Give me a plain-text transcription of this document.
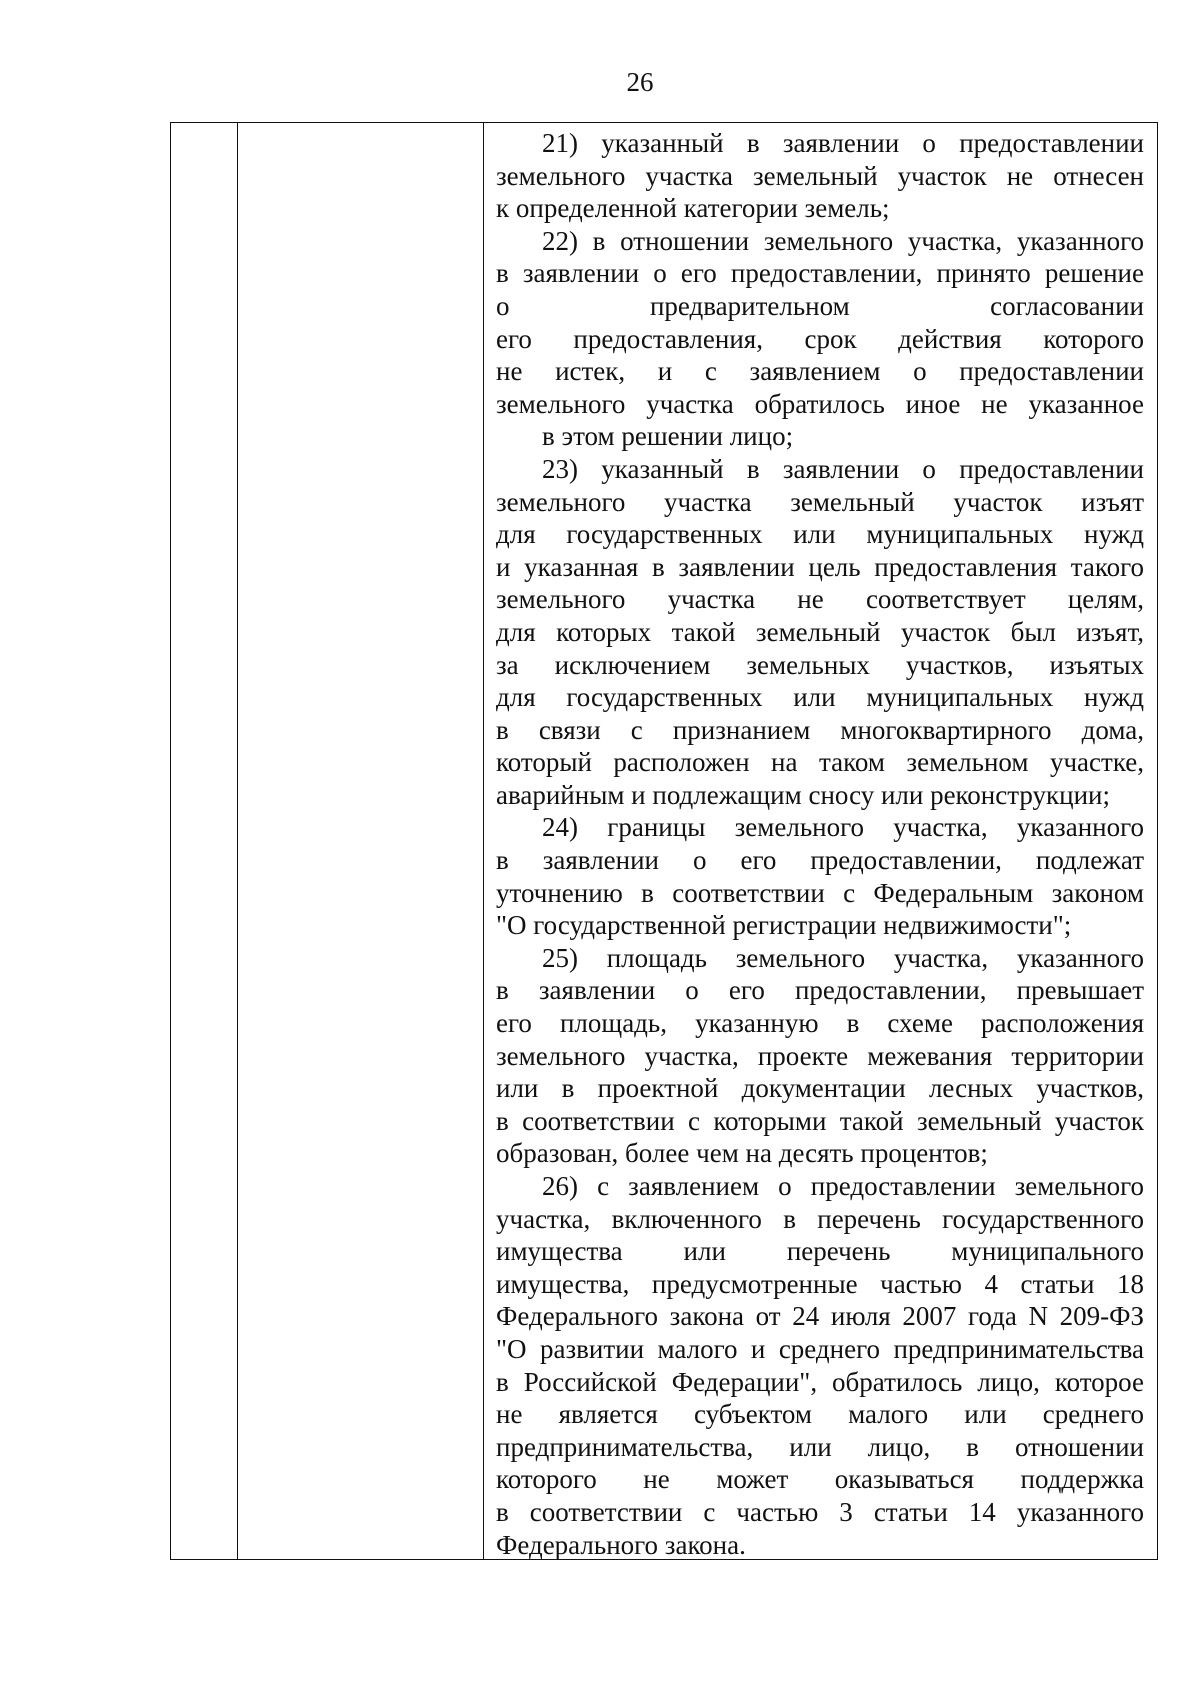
26
21) указанный в заявлении о предоставлении
земельного участка земельный участок не отнесен
к определенной категории земель;
22) в отношении земельного участка, указанного
в заявлении о его предоставлении, принято решение
о предварительном согласовании
его предоставления, срок действия которого
не истек, и с заявлением о предоставлении
земельного участка обратилось иное не указанное
в этом решении лицо;
23) указанный в заявлении о предоставлении
земельного участка земельный участок изъят
для государственных или муниципальных нужд
и указанная в заявлении цель предоставления такого
земельного участка не соответствует целям,
для которых такой земельный участок был изъят,
за исключением земельных участков, изъятых
для государственных или муниципальных нужд
в связи с признанием многоквартирного дома,
который расположен на таком земельном участке,
аварийным и подлежащим сносу или реконструкции;
24) границы земельного участка, указанного
в заявлении о его предоставлении, подлежат
уточнению в соответствии с Федеральным законом
"О государственной регистрации недвижимости";
25) площадь земельного участка, указанного
в заявлении о его предоставлении, превышает
его площадь, указанную в схеме расположения
земельного участка, проекте межевания территории
или в проектной документации лесных участков,
в соответствии с которыми такой земельный участок
образован, более чем на десять процентов;
26) с заявлением о предоставлении земельного
участка, включенного в перечень государственного
имущества или перечень муниципального
имущества, предусмотренные частью 4 статьи 18
Федерального закона от 24 июля 2007 года N 209-ФЗ
"О развитии малого и среднего предпринимательства
в Российской Федерации", обратилось лицо, которое
не является субъектом малого или среднего
предпринимательства, или лицо, в отношении
которого не может оказываться поддержка
в соответствии с частью 3 статьи 14 указанного
Федерального закона.
